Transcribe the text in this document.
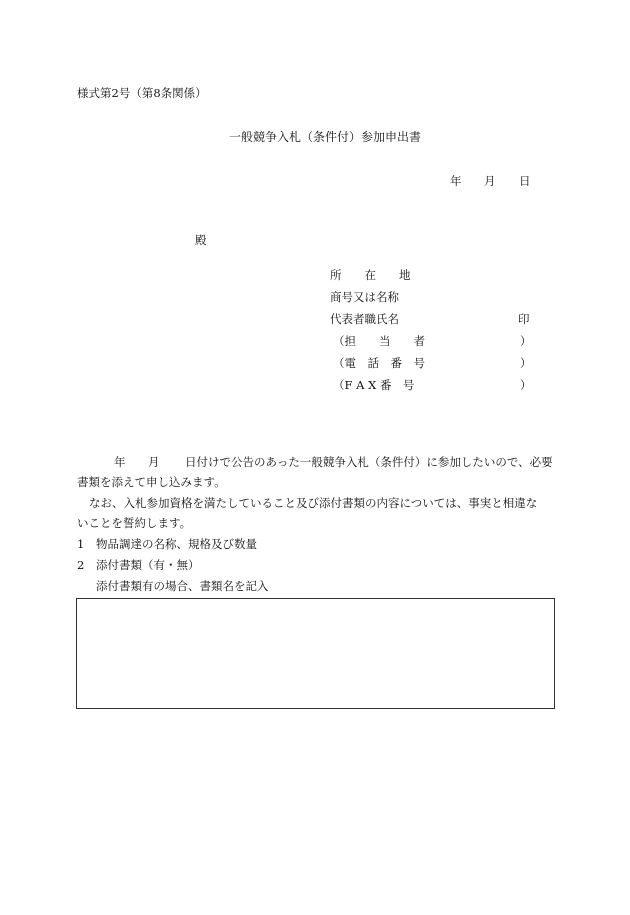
様式第2号（第8条関係）
一般競争入札（条件付）参加申出書
年 月 日
殿
所　　在　　地
商号又は名称
代表者職氏名	印
（担　　当　　者	）
（電　話　番　号	）
（F A X 番　号	）
年 月 日付けで公告のあった一般競争入札（条件付）に参加したいので、必要
書類を添えて申し込みます。
なお、入札参加資格を満たしていること及び添付書類の内容については、事実と相違な
いことを誓約します。
1 物品調達の名称、規格及び数量
2 添付書類（有・無）
添付書類有の場合、書類名を記入
